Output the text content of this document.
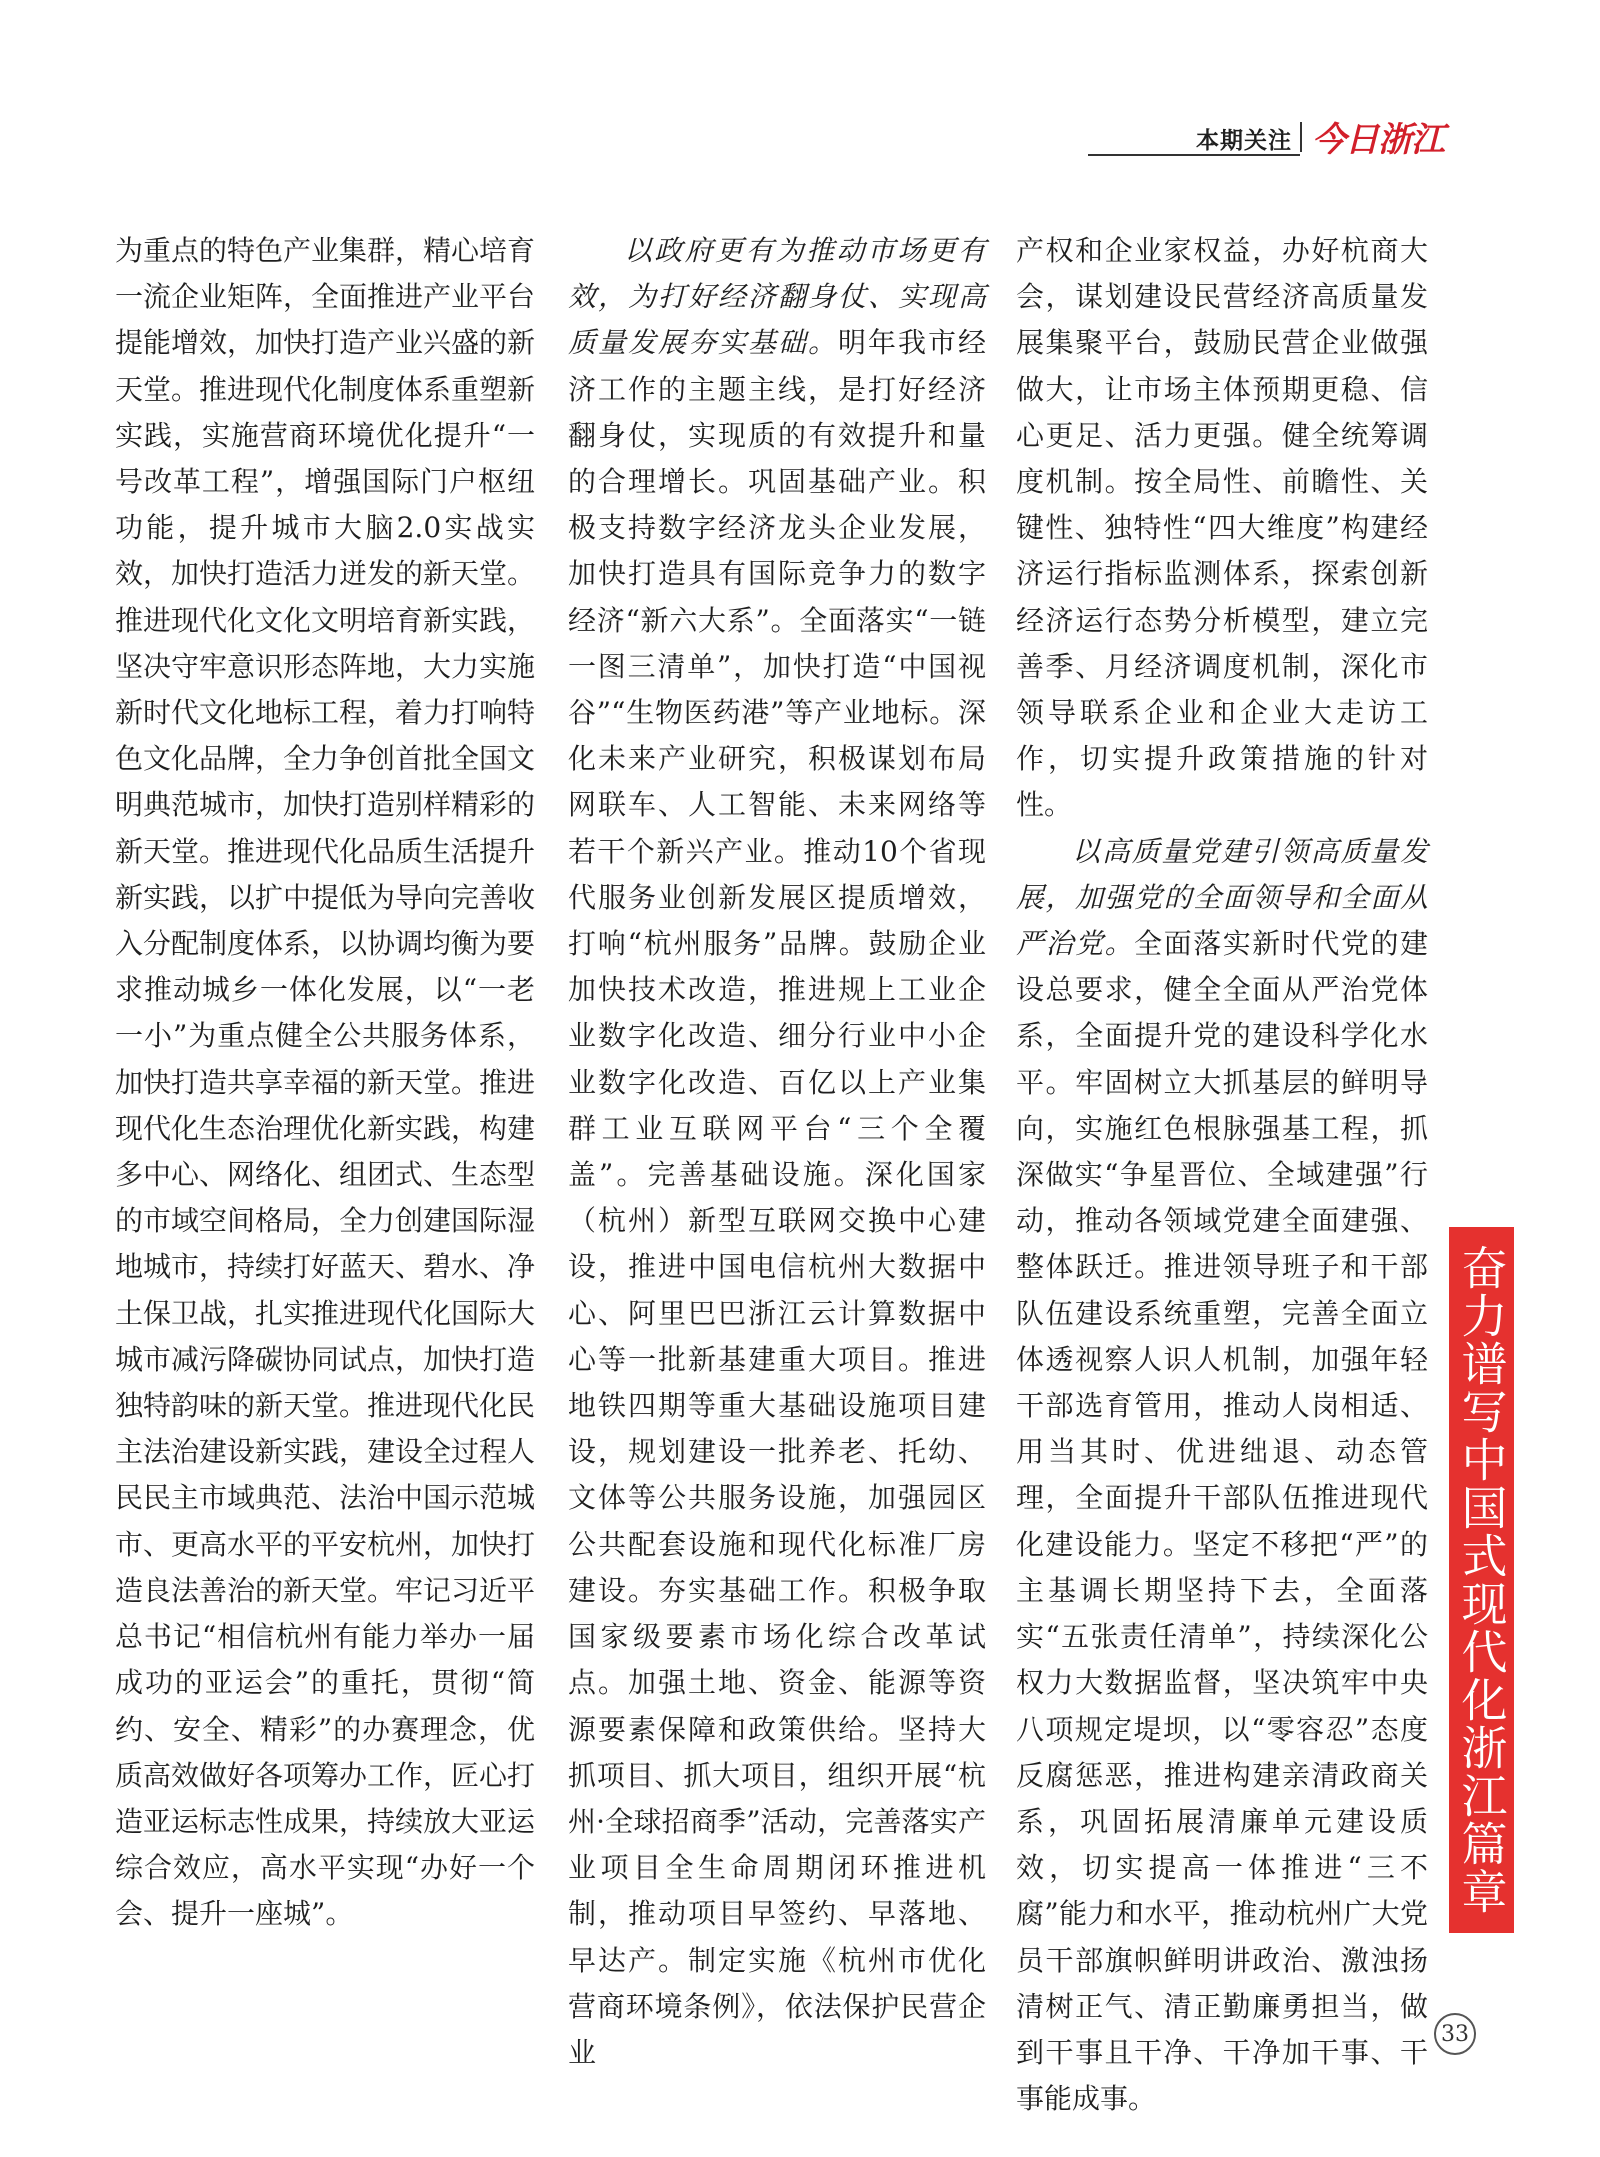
本期关注 今日浙江

为重点的特色产业集群，精心培育一流企业矩阵，全面推进产业平台提能增效，加快打造产业兴盛的新天堂。推进现代化制度体系重塑新实践，实施营商环境优化提升“一号改革工程”，增强国际门户枢纽功能，提升城市大脑2.0实战实效，加快打造活力迸发的新天堂。推进现代化文化文明培育新实践，坚决守牢意识形态阵地，大力实施新时代文化地标工程，着力打响特色文化品牌，全力争创首批全国文明典范城市，加快打造别样精彩的新天堂。推进现代化品质生活提升新实践，以扩中提低为导向完善收入分配制度体系，以协调均衡为要求推动城乡一体化发展，以“一老一小”为重点健全公共服务体系，加快打造共享幸福的新天堂。推进现代化生态治理优化新实践，构建多中心、网络化、组团式、生态型的市域空间格局，全力创建国际湿地城市，持续打好蓝天、碧水、净土保卫战，扎实推进现代化国际大城市减污降碳协同试点，加快打造独特韵味的新天堂。推进现代化民主法治建设新实践，建设全过程人民民主市域典范、法治中国示范城市、更高水平的平安杭州，加快打造良法善治的新天堂。牢记习近平总书记“相信杭州有能力举办一届成功的亚运会”的重托，贯彻“简约、安全、精彩”的办赛理念，优质高效做好各项筹办工作，匠心打造亚运标志性成果，持续放大亚运综合效应，高水平实现“办好一个会、提升一座城”。

以政府更有为推动市场更有效，为打好经济翻身仗、实现高质量发展夯实基础。明年我市经济工作的主题主线，是打好经济翻身仗，实现质的有效提升和量的合理增长。巩固基础产业。积极支持数字经济龙头企业发展，加快打造具有国际竞争力的数字经济“新六大系”。全面落实“一链一图三清单”，加快打造“中国视谷”“生物医药港”等产业地标。深化未来产业研究，积极谋划布局网联车、人工智能、未来网络等若干个新兴产业。推动10个省现代服务业创新发展区提质增效，打响“杭州服务”品牌。鼓励企业加快技术改造，推进规上工业企业数字化改造、细分行业中小企业数字化改造、百亿以上产业集群工业互联网平台“三个全覆盖”。完善基础设施。深化国家（杭州）新型互联网交换中心建设，推进中国电信杭州大数据中心、阿里巴巴浙江云计算数据中心等一批新基建重大项目。推进地铁四期等重大基础设施项目建设，规划建设一批养老、托幼、文体等公共服务设施，加强园区公共配套设施和现代化标准厂房建设。夯实基础工作。积极争取国家级要素市场化综合改革试点。加强土地、资金、能源等资源要素保障和政策供给。坚持大抓项目、抓大项目，组织开展“杭州·全球招商季”活动，完善落实产业项目全生命周期闭环推进机制，推动项目早签约、早落地、早达产。制定实施《杭州市优化营商环境条例》，依法保护民营企业

产权和企业家权益，办好杭商大会，谋划建设民营经济高质量发展集聚平台，鼓励民营企业做强做大，让市场主体预期更稳、信心更足、活力更强。健全统筹调度机制。按全局性、前瞻性、关键性、独特性“四大维度”构建经济运行指标监测体系，探索创新经济运行态势分析模型，建立完善季、月经济调度机制，深化市领导联系企业和企业大走访工作，切实提升政策措施的针对性。

以高质量党建引领高质量发展，加强党的全面领导和全面从严治党。全面落实新时代党的建设总要求，健全全面从严治党体系，全面提升党的建设科学化水平。牢固树立大抓基层的鲜明导向，实施红色根脉强基工程，抓深做实“争星晋位、全域建强”行动，推动各领域党建全面建强、整体跃迁。推进领导班子和干部队伍建设系统重塑，完善全面立体透视察人识人机制，加强年轻干部选育管用，推动人岗相适、用当其时、优进绌退、动态管理，全面提升干部队伍推进现代化建设能力。坚定不移把“严”的主基调长期坚持下去，全面落实“五张责任清单”，持续深化公权力大数据监督，坚决筑牢中央八项规定堤坝，以“零容忍”态度反腐惩恶，推进构建亲清政商关系，巩固拓展清廉单元建设质效，切实提高一体推进“三不腐”能力和水平，推动杭州广大党员干部旗帜鲜明讲政治、激浊扬清树正气、清正勤廉勇担当，做到干事且干净、干净加干事、干事能成事。

奋力谱写中国式现代化浙江篇章
33
